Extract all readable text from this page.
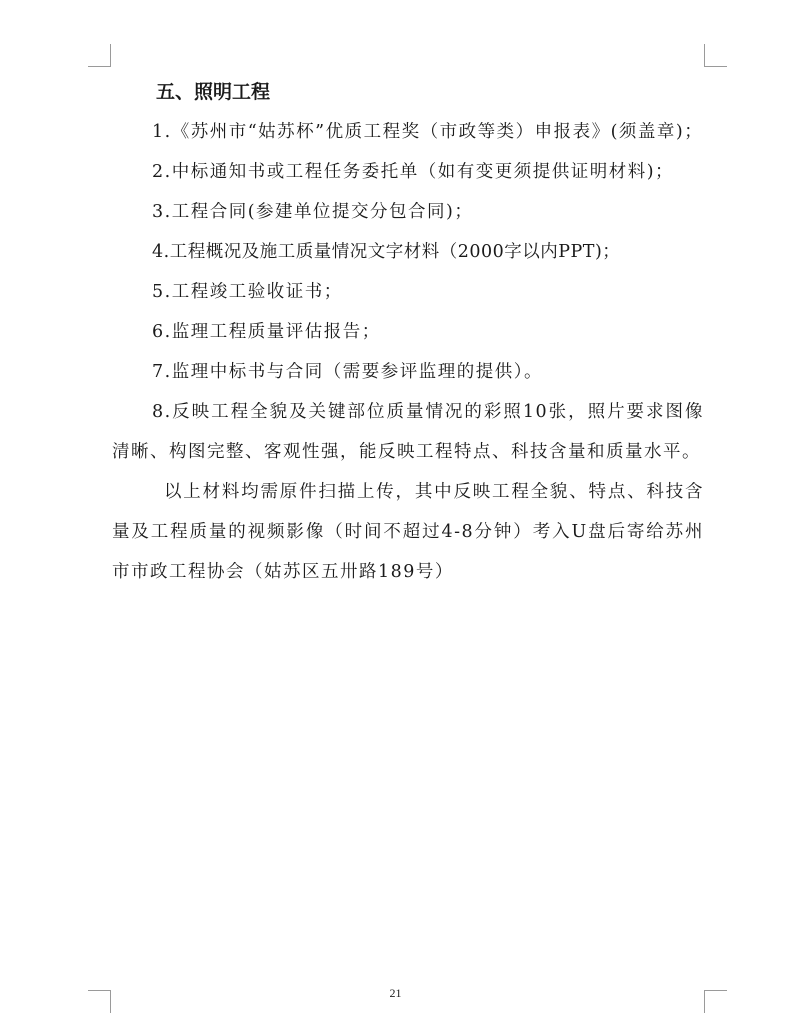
五、照明工程

1.《苏州市“姑苏杯”优质工程奖（市政等类）申报表》(须盖章)；

2.中标通知书或工程任务委托单（如有变更须提供证明材料)；

3.工程合同(参建单位提交分包合同)；

4.工程概况及施工质量情况文字材料（2000字以内PPT)；

5.工程竣工验收证书；

6.监理工程质量评估报告；

7.监理中标书与合同（需要参评监理的提供）。

8.反映工程全貌及关键部位质量情况的彩照10张，照片要求图像清晰、构图完整、客观性强，能反映工程特点、科技含量和质量水平。

以上材料均需原件扫描上传，其中反映工程全貌、特点、科技含量及工程质量的视频影像（时间不超过4-8分钟）考入U盘后寄给苏州市市政工程协会（姑苏区五卅路189号）

21
